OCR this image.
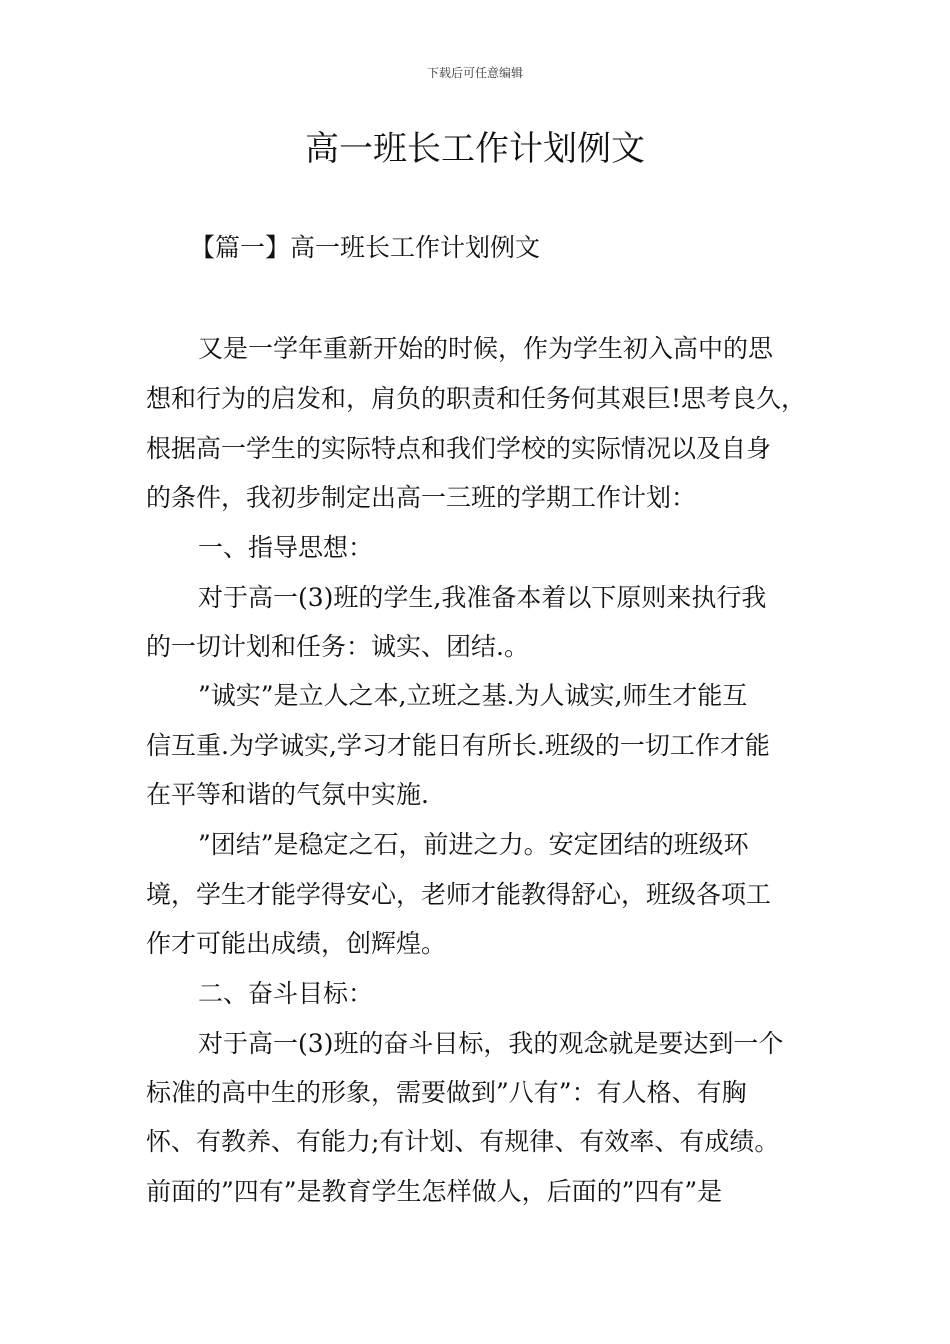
下载后可任意编辑
高一班长工作计划例文
【篇一】高一班长工作计划例文
又是一学年重新开始的时候，作为学生初入高中的思
想和行为的启发和，肩负的职责和任务何其艰巨!思考良久，
根据高一学生的实际特点和我们学校的实际情况以及自身
的条件，我初步制定出高一三班的学期工作计划：
一、指导思想：
对于高一(3)班的学生,我准备本着以下原则来执行我
的一切计划和任务：诚实、团结.。
”诚实”是立人之本,立班之基.为人诚实,师生才能互
信互重.为学诚实,学习才能日有所长.班级的一切工作才能
在平等和谐的气氛中实施.
”团结”是稳定之石，前进之力。安定团结的班级环
境，学生才能学得安心，老师才能教得舒心，班级各项工
作才可能出成绩，创辉煌。
二、奋斗目标：
对于高一(3)班的奋斗目标，我的观念就是要达到一个
标准的高中生的形象，需要做到”八有”：有人格、有胸
怀、有教养、有能力;有计划、有规律、有效率、有成绩。
前面的”四有”是教育学生怎样做人，后面的”四有”是
